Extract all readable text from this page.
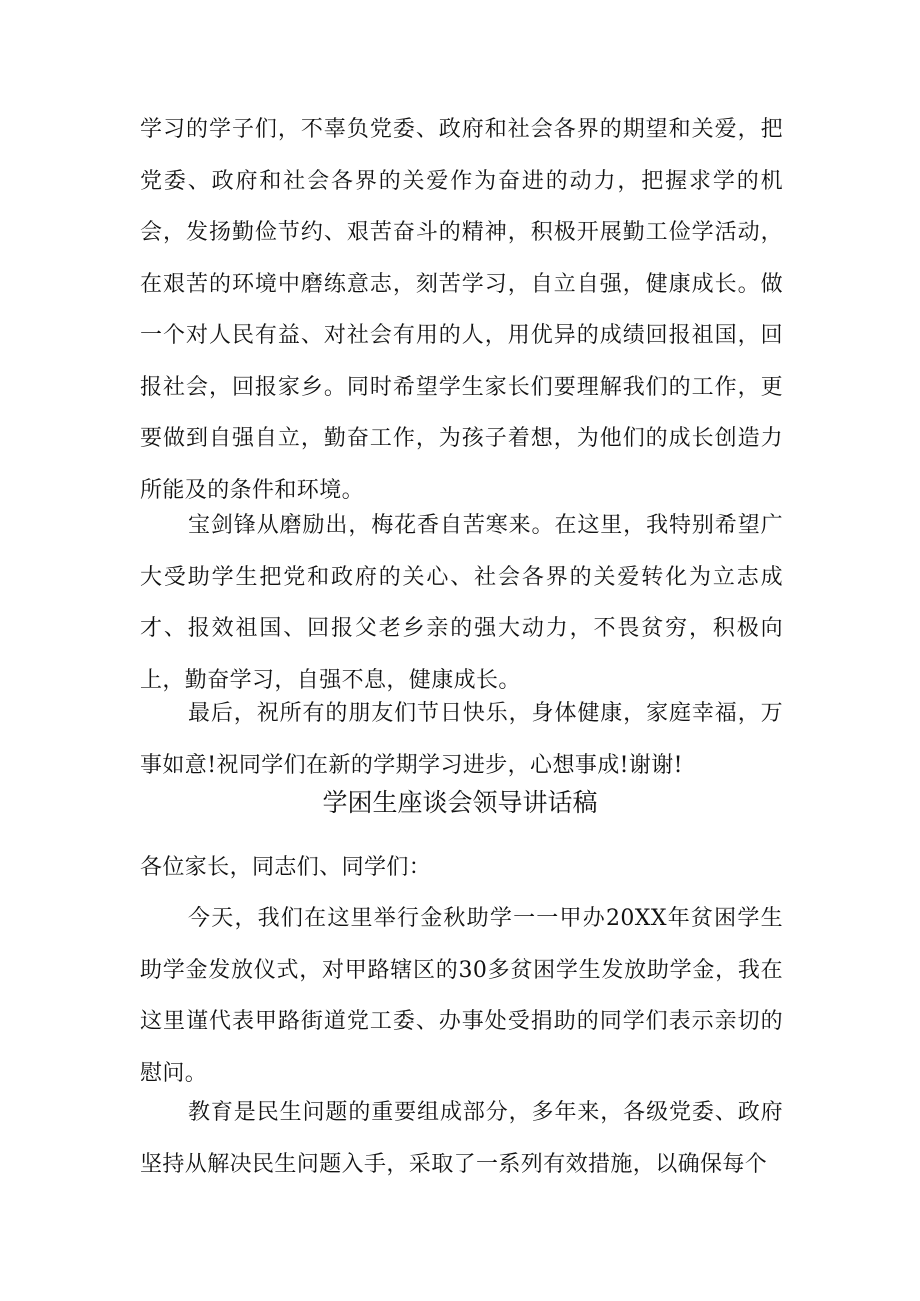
学习的学子们，不辜负党委、政府和社会各界的期望和关爱，把党委、政府和社会各界的关爱作为奋进的动力，把握求学的机会，发扬勤俭节约、艰苦奋斗的精神，积极开展勤工俭学活动，在艰苦的环境中磨练意志，刻苦学习，自立自强，健康成长。做一个对人民有益、对社会有用的人，用优异的成绩回报祖国，回报社会，回报家乡。同时希望学生家长们要理解我们的工作，更要做到自强自立，勤奋工作，为孩子着想，为他们的成长创造力所能及的条件和环境。

宝剑锋从磨励出，梅花香自苦寒来。在这里，我特别希望广大受助学生把党和政府的关心、社会各界的关爱转化为立志成才、报效祖国、回报父老乡亲的强大动力，不畏贫穷，积极向上，勤奋学习，自强不息，健康成长。

最后，祝所有的朋友们节日快乐，身体健康，家庭幸福，万事如意!祝同学们在新的学期学习进步，心想事成!谢谢!

学困生座谈会领导讲话稿

各位家长，同志们、同学们：

今天，我们在这里举行金秋助学一一甲办20XX年贫困学生助学金发放仪式，对甲路辖区的30多贫困学生发放助学金，我在这里谨代表甲路街道党工委、办事处受捐助的同学们表示亲切的慰问。

教育是民生问题的重要组成部分，多年来，各级党委、政府坚持从解决民生问题入手，采取了一系列有效措施，以确保每个
